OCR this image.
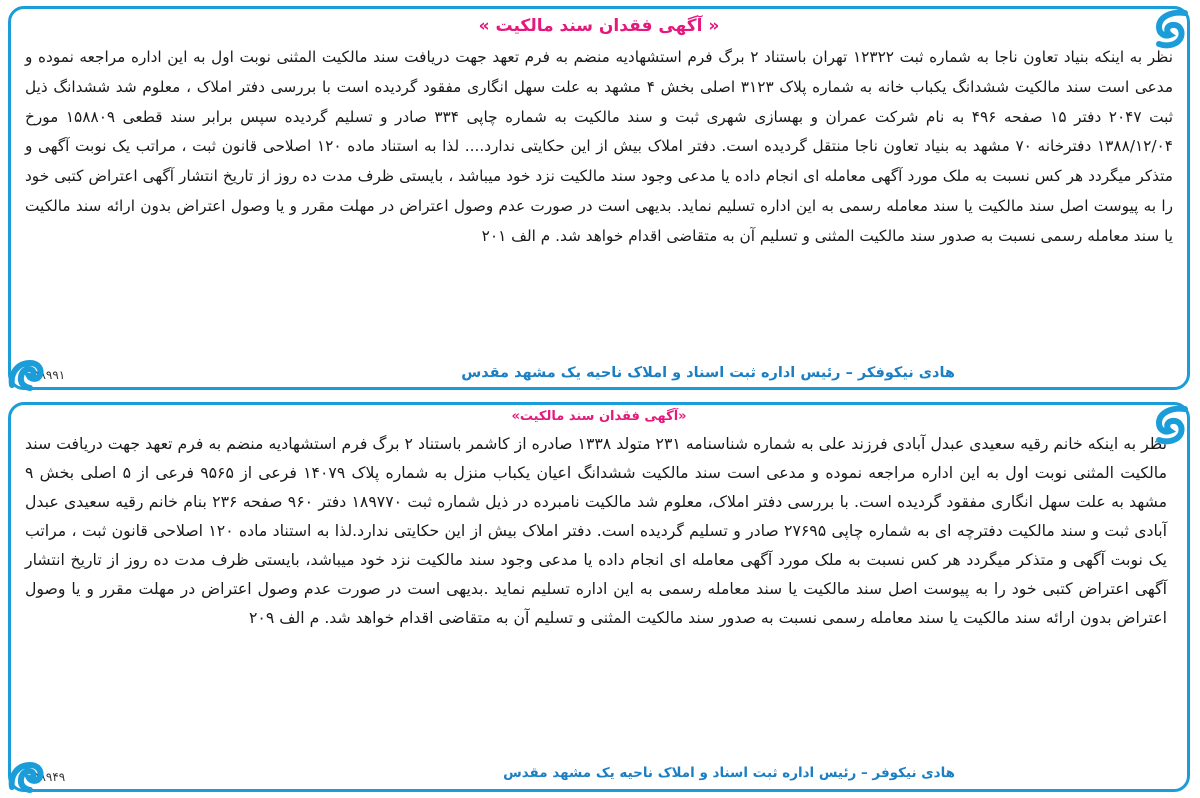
« آگهی فقدان سند مالکیت »

نظر به اینکه بنیاد تعاون ناجا به شماره ثبت ۱۲۳۲۲ تهران باستناد ۲ برگ فرم استشهادیه منضم به فرم تعهد جهت دریافت سند مالکیت المثنی نوبت اول به این اداره مراجعه نموده و مدعی است سند مالکیت ششدانگ یکباب خانه به شماره پلاک ۳۱۲۳ اصلی بخش ۴ مشهد به علت سهل انگاری مفقود گردیده است با بررسی دفتر املاک ، معلوم شد ششدانگ ذیل ثبت ۲۰۴۷ دفتر ۱۵ صفحه ۴۹۶ به نام شرکت عمران و بهسازی شهری ثبت و سند مالکیت به شماره چاپی ۳۳۴ صادر و تسلیم گردیده سپس برابر سند قطعی ۱۵۸۸۰۹ مورخ ۱۳۸۸/۱۲/۰۴ دفترخانه ۷۰ مشهد به بنیاد تعاون ناجا منتقل گردیده است. دفتر املاک بیش از این حکایتی ندارد.... لذا به استناد ماده ۱۲۰ اصلاحی قانون ثبت ، مراتب یک نوبت آگهی و متذکر میگردد هر کس نسبت به ملک مورد آگهی معامله ای انجام داده یا مدعی وجود سند مالکیت نزد خود میباشد ، بایستی ظرف مدت ده روز از تاریخ انتشار آگهی اعتراض کتبی خود را به پیوست اصل سند مالکیت یا سند معامله رسمی به این اداره تسلیم نماید. بدیهی است در صورت عدم وصول اعتراض در مهلت مقرر و یا وصول اعتراض بدون ارائه سند مالکیت یا سند معامله رسمی نسبت به صدور سند مالکیت المثنی و تسلیم آن به متقاضی اقدام خواهد شد. م الف ۲۰۱

هادی نیکوفکر – رئیس اداره ثبت اسناد و املاک ناحیه یک مشهد مقدس
۵۸۹۹۱
«آگهی فقدان سند مالکیت»

نظر به اینکه خانم رقیه سعیدی عبدل آبادی فرزند علی به شماره شناسنامه ۲۳۱ متولد ۱۳۳۸ صادره از کاشمر باستناد ۲ برگ فرم استشهادیه منضم به فرم تعهد جهت دریافت سند مالکیت المثنی نوبت اول به این اداره مراجعه نموده و مدعی است سند مالکیت ششدانگ اعیان یکباب منزل به شماره پلاک ۱۴۰۷۹ فرعی از ۹۵۶۵ فرعی از ۵ اصلی بخش ۹ مشهد به علت سهل انگاری مفقود گردیده است. با بررسی دفتر املاک، معلوم شد مالکیت نامبرده در ذیل شماره ثبت ۱۸۹۷۷۰ دفتر ۹۶۰ صفحه ۲۳۶ بنام خانم رقیه سعیدی عبدل آبادی ثبت و سند مالکیت دفترچه ای به شماره چاپی ۲۷۶۹۵ صادر و تسلیم گردیده است. دفتر املاک بیش از این حکایتی ندارد.لذا به استناد ماده ۱۲۰ اصلاحی قانون ثبت ، مراتب یک نوبت آگهی و متذکر میگردد هر کس نسبت به ملک مورد آگهی معامله ای انجام داده یا مدعی وجود سند مالکیت نزد خود میباشد، بایستی ظرف مدت ده روز از تاریخ انتشار آگهی اعتراض کتبی خود را به پیوست اصل سند مالکیت یا سند معامله رسمی به این اداره تسلیم نماید .بدیهی است در صورت عدم وصول اعتراض در مهلت مقرر و یا وصول اعتراض بدون ارائه سند مالکیت یا سند معامله رسمی نسبت به صدور سند مالکیت المثنی و تسلیم آن به متقاضی اقدام خواهد شد. م الف ۲۰۹

هادی نیکوفر – رئیس اداره ثبت اسناد و املاک ناحیه یک مشهد مقدس
۵۸۹۴۹
